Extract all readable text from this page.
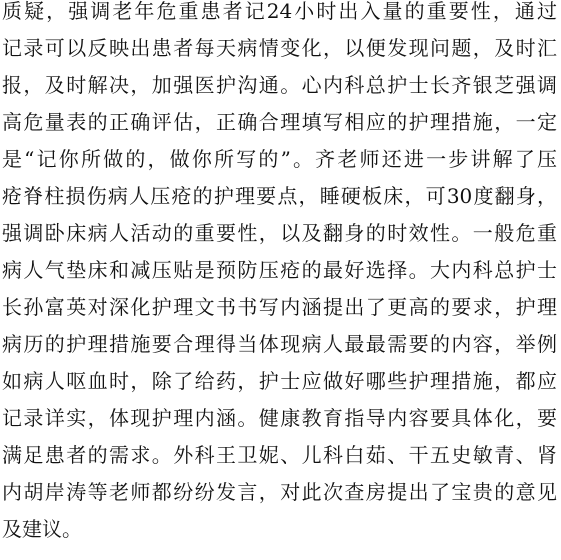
质疑，强调老年危重患者记24小时出入量的重要性，通过
记录可以反映出患者每天病情变化，以便发现问题，及时汇
报，及时解决，加强医护沟通。心内科总护士长齐银芝强调
高危量表的正确评估，正确合理填写相应的护理措施，一定
是“记你所做的，做你所写的”。齐老师还进一步讲解了压
疮脊柱损伤病人压疮的护理要点，睡硬板床，可30度翻身，
强调卧床病人活动的重要性，以及翻身的时效性。一般危重
病人气垫床和减压贴是预防压疮的最好选择。大内科总护士
长孙富英对深化护理文书书写内涵提出了更高的要求，护理
病历的护理措施要合理得当体现病人最最需要的内容，举例
如病人呕血时，除了给药，护士应做好哪些护理措施，都应
记录详实，体现护理内涵。健康教育指导内容要具体化，要
满足患者的需求。外科王卫妮、儿科白茹、干五史敏青、肾
内胡岸涛等老师都纷纷发言，对此次查房提出了宝贵的意见
及建议。
